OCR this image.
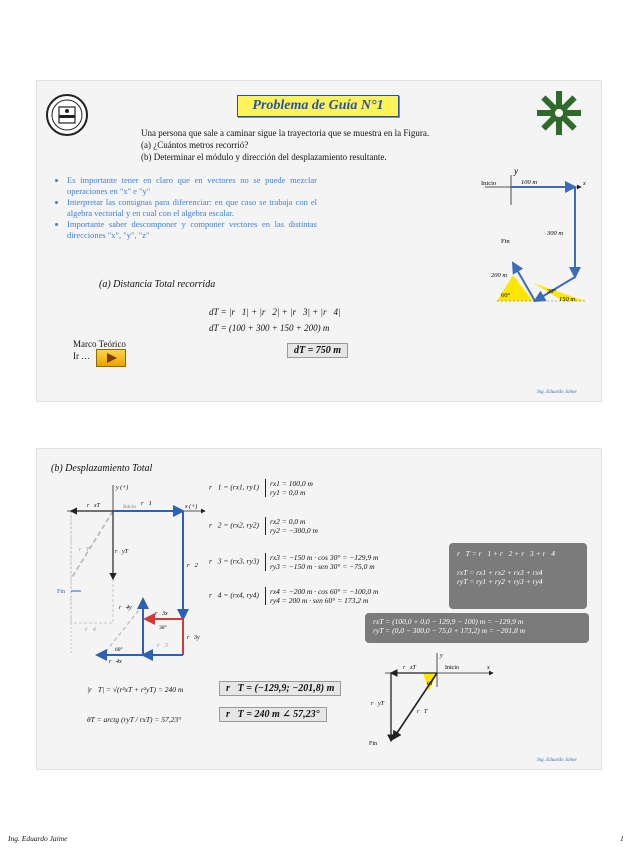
Problema de Guía N°1
Una persona que sale a caminar sigue la trayectoria que se muestra en la Figura.
(a) ¿Cuántos metros recorrió?
(b) Determinar el módulo y dirección del desplazamiento resultante.
• Es importante tener en claro que en vectores no se puede mezclar operaciones en "x" e "y"
• Interpretar las consignas para diferenciar: en que caso se trabaja con el algebra vectorial y en cual con el algebra escalar.
• Importante saber descomponer y componer vectores en las distintas direcciones "x", "y", "z"
y
x
Inicio	100 m
300 m
150 m
200 m
Fin
30°
60°
(a) Distancia Total recorrida
dT = |r⃗1| + |r⃗2| + |r⃗3| + |r⃗4|
dT = (100 + 300 + 150 + 200) m
dT = 750 m
Marco Teórico
Ir …
Ing. Eduardo Jaime
(b) Desplazamiento Total
y (+)
x (+)
Inicio
Fin
r⃗xT
r⃗yT
r⃗T
r⃗1
r⃗2
r⃗3
r⃗4
r⃗3x
r⃗3y
r⃗4x
r⃗4y
30°
60°
r⃗1 = (rx1, ry1) rx1 = 100,0 m
ry1 = 0,0 m
r⃗2 = (rx2, ry2) rx2 = 0,0 m
ry2 = −300,0 m
r⃗3 = (rx3, ry3) rx3 = −150 m · cos 30° = −129,9 m
ry3 = −150 m · sen 30° = −75,0 m
r⃗4 = (rx4, ry4) rx4 = −200 m · cos 60° = −100,0 m
ry4 = 200 m · sen 60° = 173,2 m
r⃗T = r⃗1 + r⃗2 + r⃗3 + r⃗4
rxT = rx1 + rx2 + rx3 + rx4
ryT = ry1 + ry2 + ry3 + ry4
rxT = (100,0 + 0,0 − 129,9 − 100) m = −129,9 m
ryT = (0,0 − 300,0 − 75,0 + 173,2) m = −201,8 m
y
x
Inicio
Fin
r⃗xT
r⃗yT
r⃗T
θT
|r⃗T| = √(r²xT + r²yT) = 240 m
θT = arctg (ryT / rxT) = 57,23°
r⃗T = (−129,9; −201,8) m
r⃗T = 240 m ∠ 57,23°
Ing. Eduardo Jaime
Ing. Eduardo Jaime	1
